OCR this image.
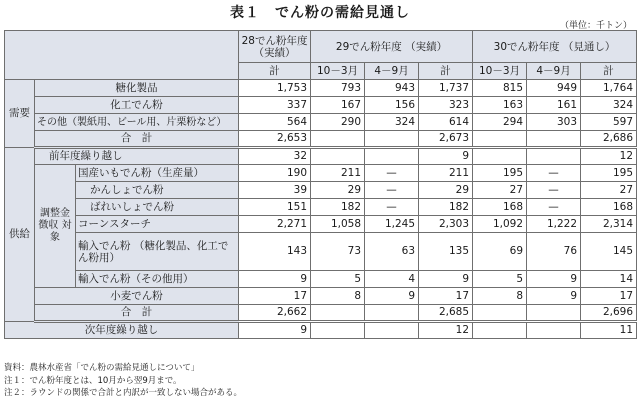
表１　でん粉の需給見通し
（単位：千トン）
			28でん粉年度 （実績）	29でん粉年度 （実績）			30でん粉年度 （見通し）		
			計	10－3月	4－9月	計	10－3月	4－9月	計
需要	糖化製品		1,753	793	943	1,737	815	949	1,764
	化工でん粉		337	167	156	323	163	161	324
	その他（製紙用、ビール用、片栗粉など）		564	290	324	614	294	303	597
	合　計		2,653			2,673			2,686
供給	前年度繰り越し		32			9			12
	調整金 徴収 対象	国産いもでん粉（生産量）	190	211	—	211	195	—	195
		かんしょでん粉	39	29	—	29	27	—	27
		ばれいしょでん粉	151	182	—	182	168	—	168
		コーンスターチ	2,271	1,058	1,245	2,303	1,092	1,222	2,314
		輸入でん粉 （糖化製品、化工でん粉用）	143	73	63	135	69	76	145
		輸入でん粉（その他用）	9	5	4	9	5	9	14
	小麦でん粉		17	8	9	17	8	9	17
	合　計		2,662			2,685			2,696
次年度繰り越し			9			12			11
資料：農林水産省「でん粉の需給見通しについて」
注１：でん粉年度とは、10月から翌9月まで。
注２：ラウンドの関係で合計と内訳が一致しない場合がある。
